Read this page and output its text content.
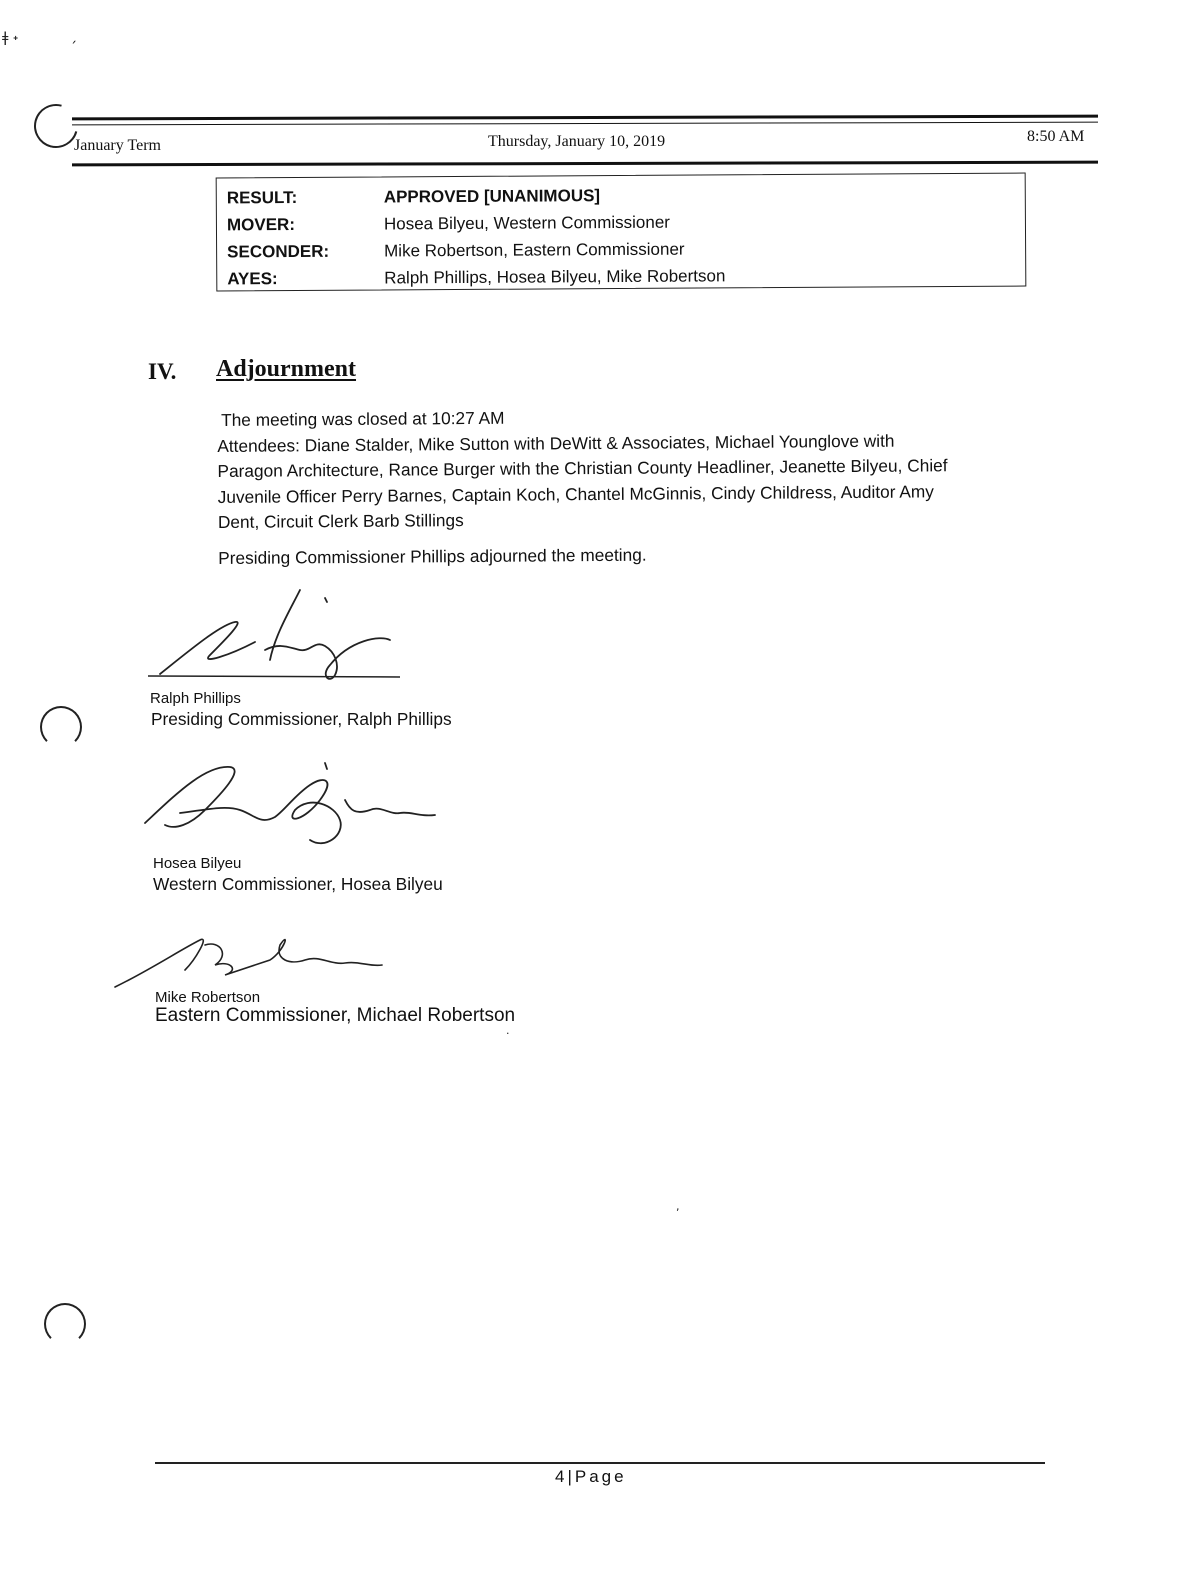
ǂ ˖	ˏ
,
.
January Term	Thursday, January 10, 2019	8:50 AM
RESULT:	APPROVED [UNANIMOUS]
MOVER:	Hosea Bilyeu, Western Commissioner
SECONDER:	Mike Robertson, Eastern Commissioner
AYES:	Ralph Phillips, Hosea Bilyeu, Mike Robertson
IV. Adjournment
The meeting was closed at 10:27 AM
Attendees: Diane Stalder, Mike Sutton with DeWitt & Associates, Michael Younglove with
Paragon Architecture, Rance Burger with the Christian County Headliner, Jeanette Bilyeu, Chief
Juvenile Officer Perry Barnes, Captain Koch, Chantel McGinnis, Cindy Childress, Auditor Amy
Dent, Circuit Clerk Barb Stillings
Presiding Commissioner Phillips adjourned the meeting.
Ralph Phillips
Presiding Commissioner, Ralph Phillips
Hosea Bilyeu
Western Commissioner, Hosea Bilyeu
Mike Robertson
Eastern Commissioner, Michael Robertson
4|Page
